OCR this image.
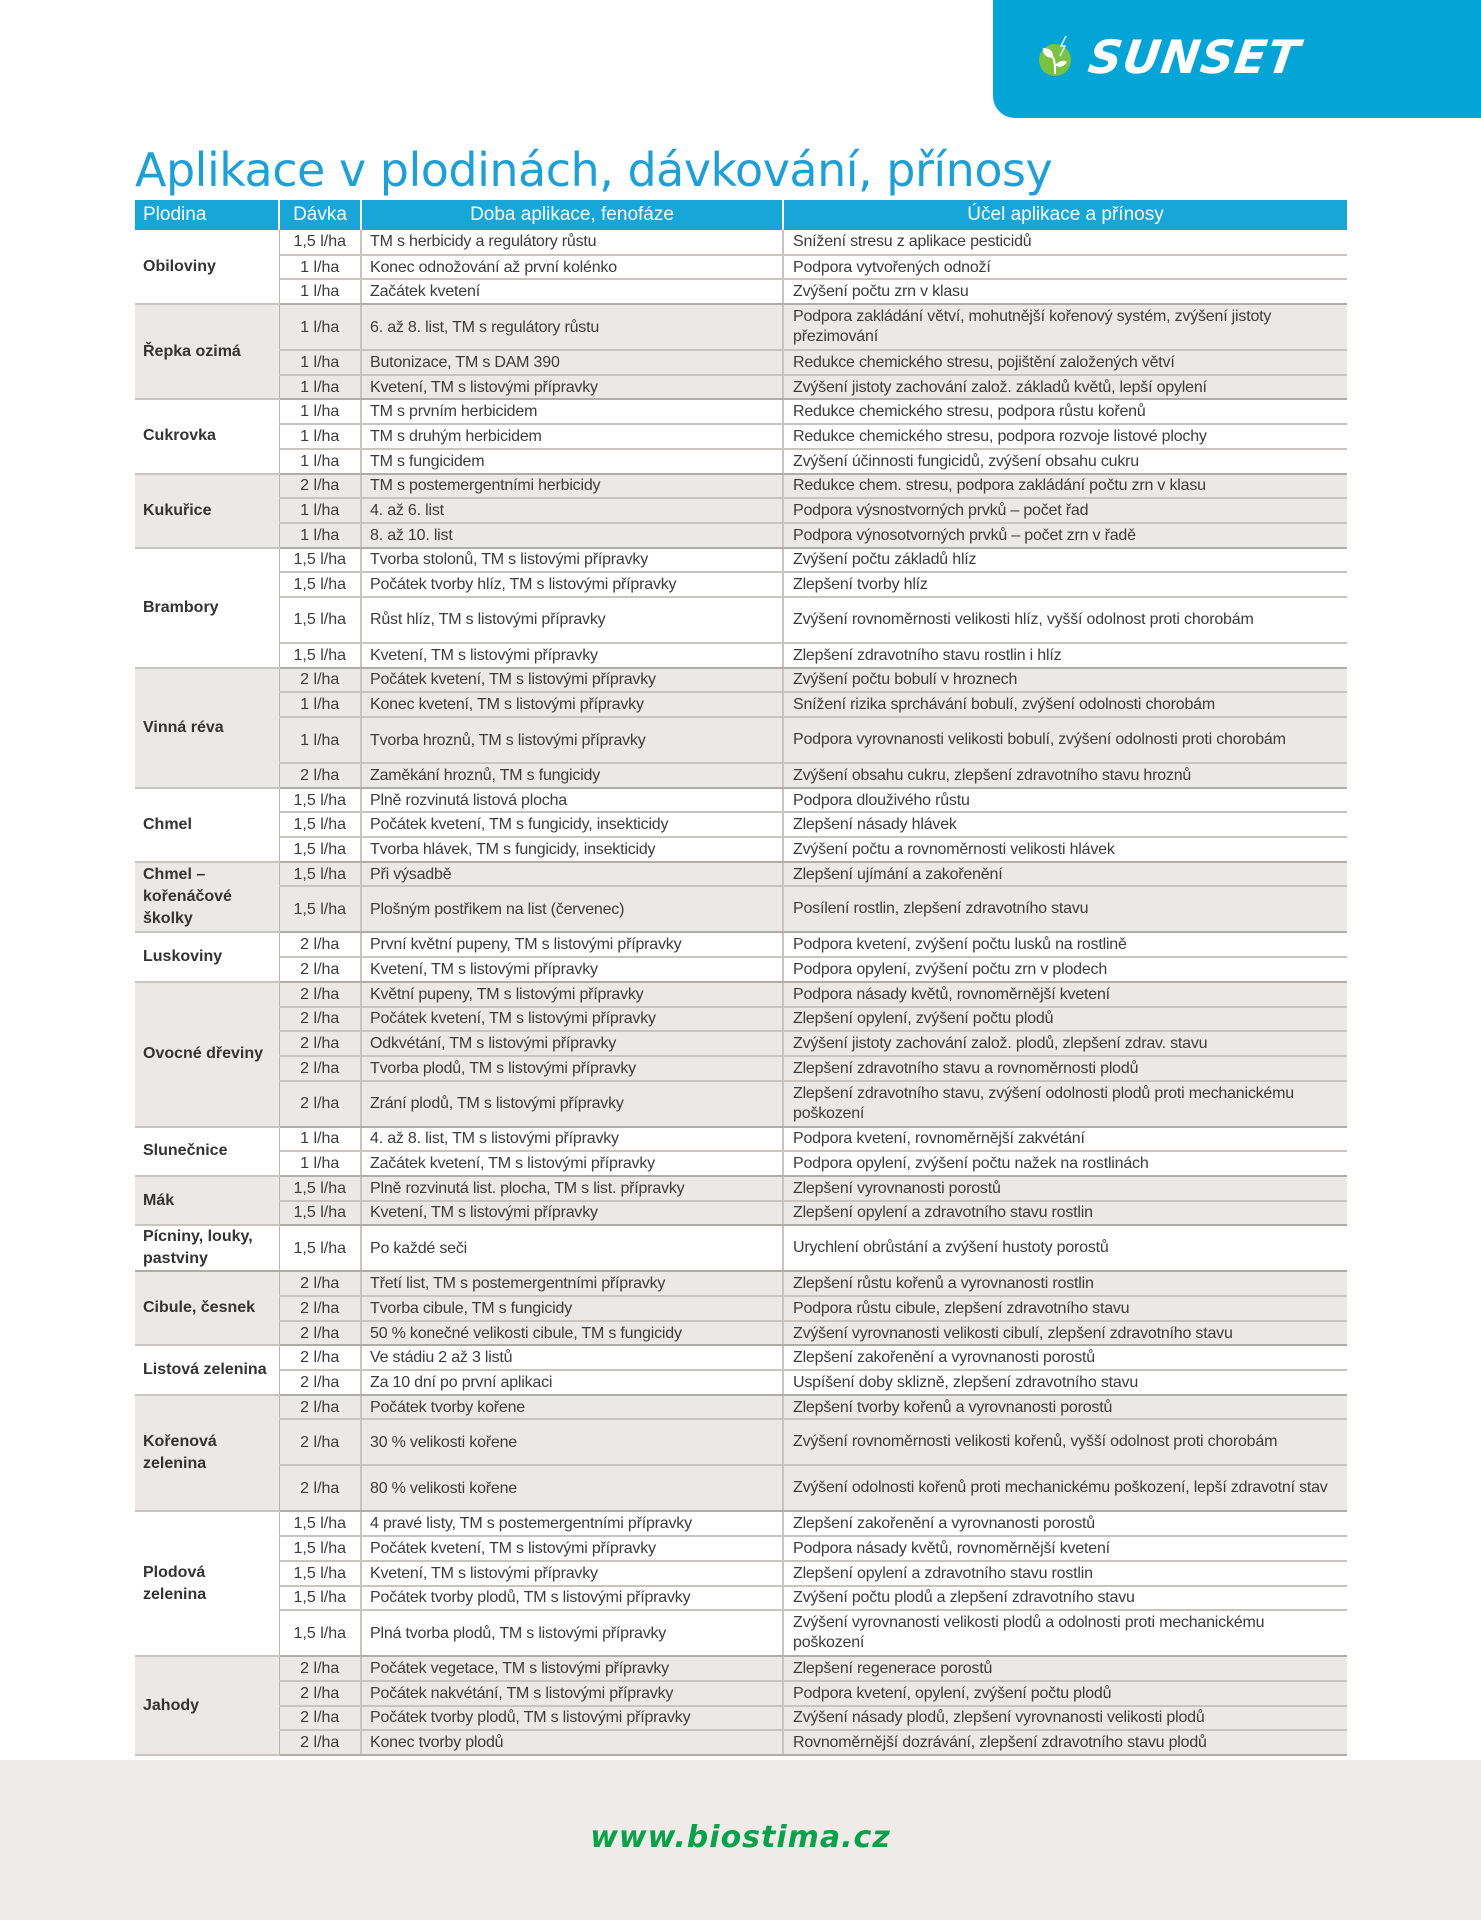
SUNSET
Aplikace v plodinách, dávkování, přínosy
Plodina	Dávka	Doba aplikace, fenofáze	Účel aplikace a přínosy
Obiloviny	1,5 l/ha	TM s herbicidy a regulátory růstu	Snížení stresu z aplikace pesticidů
	1 l/ha	Konec odnožování až první kolénko	Podpora vytvořených odnoží
	1 l/ha	Začátek kvetení	Zvýšení počtu zrn v klasu
Řepka ozimá	1 l/ha	6. až 8. list, TM s regulátory růstu	Podpora zakládání větví, mohutnější kořenový systém, zvýšení jistoty přezimování
	1 l/ha	Butonizace, TM s DAM 390	Redukce chemického stresu, pojištění založených větví
	1 l/ha	Kvetení, TM s listovými přípravky	Zvýšení jistoty zachování založ. základů květů, lepší opylení
Cukrovka	1 l/ha	TM s prvním herbicidem	Redukce chemického stresu, podpora růstu kořenů
	1 l/ha	TM s druhým herbicidem	Redukce chemického stresu, podpora rozvoje listové plochy
	1 l/ha	TM s fungicidem	Zvýšení účinnosti fungicidů, zvýšení obsahu cukru
Kukuřice	2 l/ha	TM s postemergentními herbicidy	Redukce chem. stresu, podpora zakládání počtu zrn v klasu
	1 l/ha	4. až 6. list	Podpora výsnostvorných prvků – počet řad
	1 l/ha	8. až 10. list	Podpora výnosotvorných prvků – počet zrn v řadě
Brambory	1,5 l/ha	Tvorba stolonů, TM s listovými přípravky	Zvýšení počtu základů hlíz
	1,5 l/ha	Počátek tvorby hlíz, TM s listovými přípravky	Zlepšení tvorby hlíz
	1,5 l/ha	Růst hlíz, TM s listovými přípravky	Zvýšení rovnoměrnosti velikosti hlíz, vyšší odolnost proti chorobám
	1,5 l/ha	Kvetení, TM s listovými přípravky	Zlepšení zdravotního stavu rostlin i hlíz
Vinná réva	2 l/ha	Počátek kvetení, TM s listovými přípravky	Zvýšení počtu bobulí v hroznech
	1 l/ha	Konec kvetení, TM s listovými přípravky	Snížení rizika sprchávání bobulí, zvýšení odolnosti chorobám
	1 l/ha	Tvorba hroznů, TM s listovými přípravky	Podpora vyrovnanosti velikosti bobulí, zvýšení odolnosti proti chorobám
	2 l/ha	Zaměkání hroznů, TM s fungicidy	Zvýšení obsahu cukru, zlepšení zdravotního stavu hroznů
Chmel	1,5 l/ha	Plně rozvinutá listová plocha	Podpora dlouživého růstu
	1,5 l/ha	Počátek kvetení, TM s fungicidy, insekticidy	Zlepšení násady hlávek
	1,5 l/ha	Tvorba hlávek, TM s fungicidy, insekticidy	Zvýšení počtu a rovnoměrnosti velikosti hlávek
Chmel – kořenáčové školky	1,5 l/ha	Při výsadbě	Zlepšení ujímání a zakořenění
	1,5 l/ha	Plošným postřikem na list (červenec)	Posílení rostlin, zlepšení zdravotního stavu
Luskoviny	2 l/ha	První květní pupeny, TM s listovými přípravky	Podpora kvetení, zvýšení počtu lusků na rostlině
	2 l/ha	Kvetení, TM s listovými přípravky	Podpora opylení, zvýšení počtu zrn v plodech
Ovocné dřeviny	2 l/ha	Květní pupeny, TM s listovými přípravky	Podpora násady květů, rovnoměrnější kvetení
	2 l/ha	Počátek kvetení, TM s listovými přípravky	Zlepšení opylení, zvýšení počtu plodů
	2 l/ha	Odkvétání, TM s listovými přípravky	Zvýšení jistoty zachování založ. plodů, zlepšení zdrav. stavu
	2 l/ha	Tvorba plodů, TM s listovými přípravky	Zlepšení zdravotního stavu a rovnoměrnosti plodů
	2 l/ha	Zrání plodů, TM s listovými přípravky	Zlepšení zdravotního stavu, zvýšení odolnosti plodů proti mechanickému poškození
Slunečnice	1 l/ha	4. až 8. list, TM s listovými přípravky	Podpora kvetení, rovnoměrnější zakvétání
	1 l/ha	Začátek kvetení, TM s listovými přípravky	Podpora opylení, zvýšení počtu nažek na rostlinách
Mák	1,5 l/ha	Plně rozvinutá list. plocha, TM s list. přípravky	Zlepšení vyrovnanosti porostů
	1,5 l/ha	Kvetení, TM s listovými přípravky	Zlepšení opylení a zdravotního stavu rostlin
Pícniny, louky, pastviny	1,5 l/ha	Po každé seči	Urychlení obrůstání a zvýšení hustoty porostů
Cibule, česnek	2 l/ha	Třetí list, TM s postemergentními přípravky	Zlepšení růstu kořenů a vyrovnanosti rostlin
	2 l/ha	Tvorba cibule, TM s fungicidy	Podpora růstu cibule, zlepšení zdravotního stavu
	2 l/ha	50 % konečné velikosti cibule, TM s fungicidy	Zvýšení vyrovnanosti velikosti cibulí, zlepšení zdravotního stavu
Listová zelenina	2 l/ha	Ve stádiu 2 až 3 listů	Zlepšení zakořenění a vyrovnanosti porostů
	2 l/ha	Za 10 dní po první aplikaci	Uspíšení doby sklizně, zlepšení zdravotního stavu
Kořenová zelenina	2 l/ha	Počátek tvorby kořene	Zlepšení tvorby kořenů a vyrovnanosti porostů
	2 l/ha	30 % velikosti kořene	Zvýšení rovnoměrnosti velikosti kořenů, vyšší odolnost proti chorobám
	2 l/ha	80 % velikosti kořene	Zvýšení odolnosti kořenů proti mechanickému poškození, lepší zdravotní stav
Plodová zelenina	1,5 l/ha	4 pravé listy, TM s postemergentními přípravky	Zlepšení zakořenění a vyrovnanosti porostů
	1,5 l/ha	Počátek kvetení, TM s listovými přípravky	Podpora násady květů, rovnoměrnější kvetení
	1,5 l/ha	Kvetení, TM s listovými přípravky	Zlepšení opylení a zdravotního stavu rostlin
	1,5 l/ha	Počátek tvorby plodů, TM s listovými přípravky	Zvýšení počtu plodů a zlepšení zdravotního stavu
	1,5 l/ha	Plná tvorba plodů, TM s listovými přípravky	Zvýšení vyrovnanosti velikosti plodů a odolnosti proti mechanickému poškození
Jahody	2 l/ha	Počátek vegetace, TM s listovými přípravky	Zlepšení regenerace porostů
	2 l/ha	Počátek nakvétání, TM s listovými přípravky	Podpora kvetení, opylení, zvýšení počtu plodů
	2 l/ha	Počátek tvorby plodů, TM s listovými přípravky	Zvýšení násady plodů, zlepšení vyrovnanosti velikosti plodů
	2 l/ha	Konec tvorby plodů	Rovnoměrnější dozrávání, zlepšení zdravotního stavu plodů
www.biostima.cz
